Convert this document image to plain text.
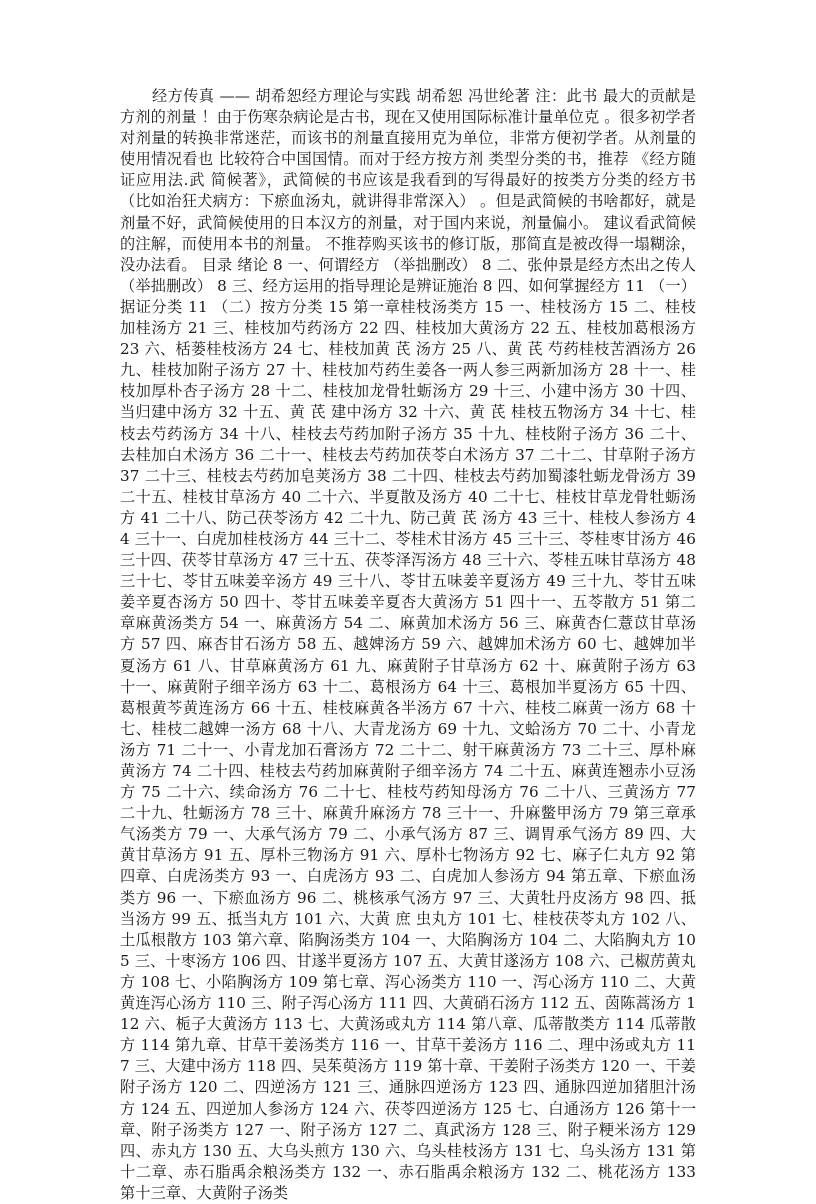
经方传真 —— 胡希恕经方理论与实践 胡希恕 冯世纶著 注：此书 最大的贡献是 方剂的剂量 ！由于伤寒杂病论是古书，现在又使用国际标准计量单位克 。很多初学者对剂量的转换非常迷茫，而该书的剂量直接用克为单位，非常方便初学者。从剂量的 使用情况看也 比较符合中国国情。而对于经方按方剂 类型分类的书，推荐 《经方随证应用法.武 简候著》，武简候的书应该是我看到的写得最好的按类方分类的经方书 （比如治狂犬病方：下瘀血汤丸，就讲得非常深入） 。但是武简候的书啥都好，就是剂量不好，武简候使用的日本汉方的剂量，对于国内来说，剂量偏小。 建议看武简候的注解，而使用本书的剂量。 不推荐购买该书的修订版，那简直是被改得一塌糊涂，没办法看。 目录 绪论 8 一、何谓经方 （举拙删改） 8 二、张仲景是经方杰出之传人 （举拙删改） 8 三、经方运用的指导理论是辨证施治 8 四、如何掌握经方 11 （一）据证分类 11 （二）按方分类 15 第一章桂枝汤类方 15 一、桂枝汤方 15 二、桂枝加桂汤方 21 三、桂枝加芍药汤方 22 四、桂枝加大黄汤方 22 五、桂枝加葛根汤方 23 六、栝蒌桂枝汤方 24 七、桂枝加黄 芪 汤方 25 八、黄 芪 芍药桂枝苦酒汤方 26 九、桂枝加附子汤方 27 十、桂枝加芍药生姜各一两人参三两新加汤方 28 十一、桂枝加厚朴杏子汤方 28 十二、桂枝加龙骨牡蛎汤方 29 十三、小建中汤方 30 十四、当归建中汤方 32 十五、黄 芪 建中汤方 32 十六、黄 芪 桂枝五物汤方 34 十七、桂枝去芍药汤方 34 十八、桂枝去芍药加附子汤方 35 十九、桂枝附子汤方 36 二十、去桂加白术汤方 36 二十一、桂枝去芍药加茯苓白术汤方 37 二十二、甘草附子汤方 37 二十三、桂枝去芍药加皂荚汤方 38 二十四、桂枝去芍药加蜀漆牡蛎龙骨汤方 39 二十五、桂枝甘草汤方 40 二十六、半夏散及汤方 40 二十七、桂枝甘草龙骨牡蛎汤方 41 二十八、防己茯苓汤方 42 二十九、防己黄 芪 汤方 43 三十、桂枝人参汤方 44 三十一、白虎加桂枝汤方 44 三十二、苓桂术甘汤方 45 三十三、苓桂枣甘汤方 46 三十四、茯苓甘草汤方 47 三十五、茯苓泽泻汤方 48 三十六、苓桂五味甘草汤方 48 三十七、苓甘五味姜辛汤方 49 三十八、苓甘五味姜辛夏汤方 49 三十九、苓甘五味姜辛夏杏汤方 50 四十、苓甘五味姜辛夏杏大黄汤方 51 四十一、五苓散方 51 第二章麻黄汤类方 54 一、麻黄汤方 54 二、麻黄加术汤方 56 三、麻黄杏仁薏苡甘草汤方 57 四、麻杏甘石汤方 58 五、越婢汤方 59 六、越婢加术汤方 60 七、越婢加半夏汤方 61 八、甘草麻黄汤方 61 九、麻黄附子甘草汤方 62 十、麻黄附子汤方 63 十一、麻黄附子细辛汤方 63 十二、葛根汤方 64 十三、葛根加半夏汤方 65 十四、葛根黄芩黄连汤方 66 十五、桂枝麻黄各半汤方 67 十六、桂枝二麻黄一汤方 68 十七、桂枝二越婢一汤方 68 十八、大青龙汤方 69 十九、文蛤汤方 70 二十、小青龙汤方 71 二十一、小青龙加石膏汤方 72 二十二、射干麻黄汤方 73 二十三、厚朴麻黄汤方 74 二十四、桂枝去芍药加麻黄附子细辛汤方 74 二十五、麻黄连翘赤小豆汤方 75 二十六、续命汤方 76 二十七、桂枝芍药知母汤方 76 二十八、三黄汤方 77 二十九、牡蛎汤方 78 三十、麻黄升麻汤方 78 三十一、升麻鳖甲汤方 79 第三章承气汤类方 79 一、大承气汤方 79 二、小承气汤方 87 三、调胃承气汤方 89 四、大黄甘草汤方 91 五、厚朴三物汤方 91 六、厚朴七物汤方 92 七、麻子仁丸方 92 第四章、白虎汤类方 93 一、白虎汤方 93 二、白虎加人参汤方 94 第五章、下瘀血汤类方 96 一、下瘀血汤方 96 二、桃核承气汤方 97 三、大黄牡丹皮汤方 98 四、抵当汤方 99 五、抵当丸方 101 六、大黄 庶 虫丸方 101 七、桂枝茯苓丸方 102 八、土瓜根散方 103 第六章、陷胸汤类方 104 一、大陷胸汤方 104 二、大陷胸丸方 105 三、十枣汤方 106 四、甘遂半夏汤方 107 五、大黄甘遂汤方 108 六、己椒苈黄丸方 108 七、小陷胸汤方 109 第七章、泻心汤类方 110 一、泻心汤方 110 二、大黄黄连泻心汤方 110 三、附子泻心汤方 111 四、大黄硝石汤方 112 五、茵陈蒿汤方 112 六、栀子大黄汤方 113 七、大黄汤或丸方 114 第八章、瓜蒂散类方 114 瓜蒂散方 114 第九章、甘草干姜汤类方 116 一、甘草干姜汤方 116 二、理中汤或丸方 117 三、大建中汤方 118 四、吴茱萸汤方 119 第十章、干姜附子汤类方 120 一、干姜附子汤方 120 二、四逆汤方 121 三、通脉四逆汤方 123 四、通脉四逆加猪胆汁汤方 124 五、四逆加人参汤方 124 六、茯苓四逆汤方 125 七、白通汤方 126 第十一章、附子汤类方 127 一、附子汤方 127 二、真武汤方 128 三、附子粳米汤方 129 四、赤丸方 130 五、大乌头煎方 130 六、乌头桂枝汤方 131 七、乌头汤方 131 第十二章、赤石脂禹余粮汤类方 132 一、赤石脂禹余粮汤方 132 二、桃花汤方 133 第十三章、大黄附子汤类
